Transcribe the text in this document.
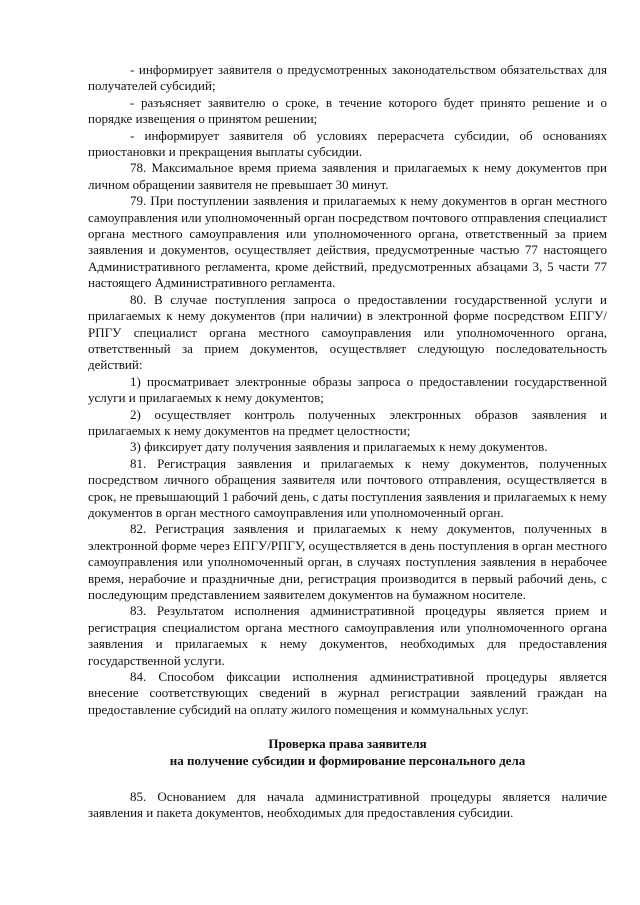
- информирует заявителя о предусмотренных законодательством обязательствах для получателей субсидий;

- разъясняет заявителю о сроке, в течение которого будет принято решение и о порядке извещения о принятом решении;

- информирует заявителя об условиях перерасчета субсидии, об основаниях приостановки и прекращения выплаты субсидии.

78. Максимальное время приема заявления и прилагаемых к нему документов при личном обращении заявителя не превышает 30 минут.

79. При поступлении заявления и прилагаемых к нему документов в орган местного самоуправления или уполномоченный орган посредством почтового отправления специалист органа местного самоуправления или уполномоченного органа, ответственный за прием заявления и документов, осуществляет действия, предусмотренные частью 77 настоящего Административного регламента, кроме действий, предусмотренных абзацами 3, 5 части 77 настоящего Административного регламента.

80. В случае поступления запроса о предоставлении государственной услуги и прилагаемых к нему документов (при наличии) в электронной форме посредством ЕПГУ/РПГУ специалист органа местного самоуправления или уполномоченного органа, ответственный за прием документов, осуществляет следующую последовательность действий:

1) просматривает электронные образы запроса о предоставлении государственной услуги и прилагаемых к нему документов;

2) осуществляет контроль полученных электронных образов заявления и прилагаемых к нему документов на предмет целостности;

3) фиксирует дату получения заявления и прилагаемых к нему документов.

81. Регистрация заявления и прилагаемых к нему документов, полученных посредством личного обращения заявителя или почтового отправления, осуществляется в срок, не превышающий 1 рабочий день, с даты поступления заявления и прилагаемых к нему документов в орган местного самоуправления или уполномоченный орган.

82. Регистрация заявления и прилагаемых к нему документов, полученных в электронной форме через ЕПГУ/РПГУ, осуществляется в день поступления в орган местного самоуправления или уполномоченный орган, в случаях поступления заявления в нерабочее время, нерабочие и праздничные дни, регистрация производится в первый рабочий день, с последующим представлением заявителем документов на бумажном носителе.

83. Результатом исполнения административной процедуры является прием и регистрация специалистом органа местного самоуправления или уполномоченного органа заявления и прилагаемых к нему документов, необходимых для предоставления государственной услуги.

84. Способом фиксации исполнения административной процедуры является внесение соответствующих сведений в журнал регистрации заявлений граждан на предоставление субсидий на оплату жилого помещения и коммунальных услуг.

Проверка права заявителя
на получение субсидии и формирование персонального дела

85. Основанием для начала административной процедуры является наличие заявления и пакета документов, необходимых для предоставления субсидии.
